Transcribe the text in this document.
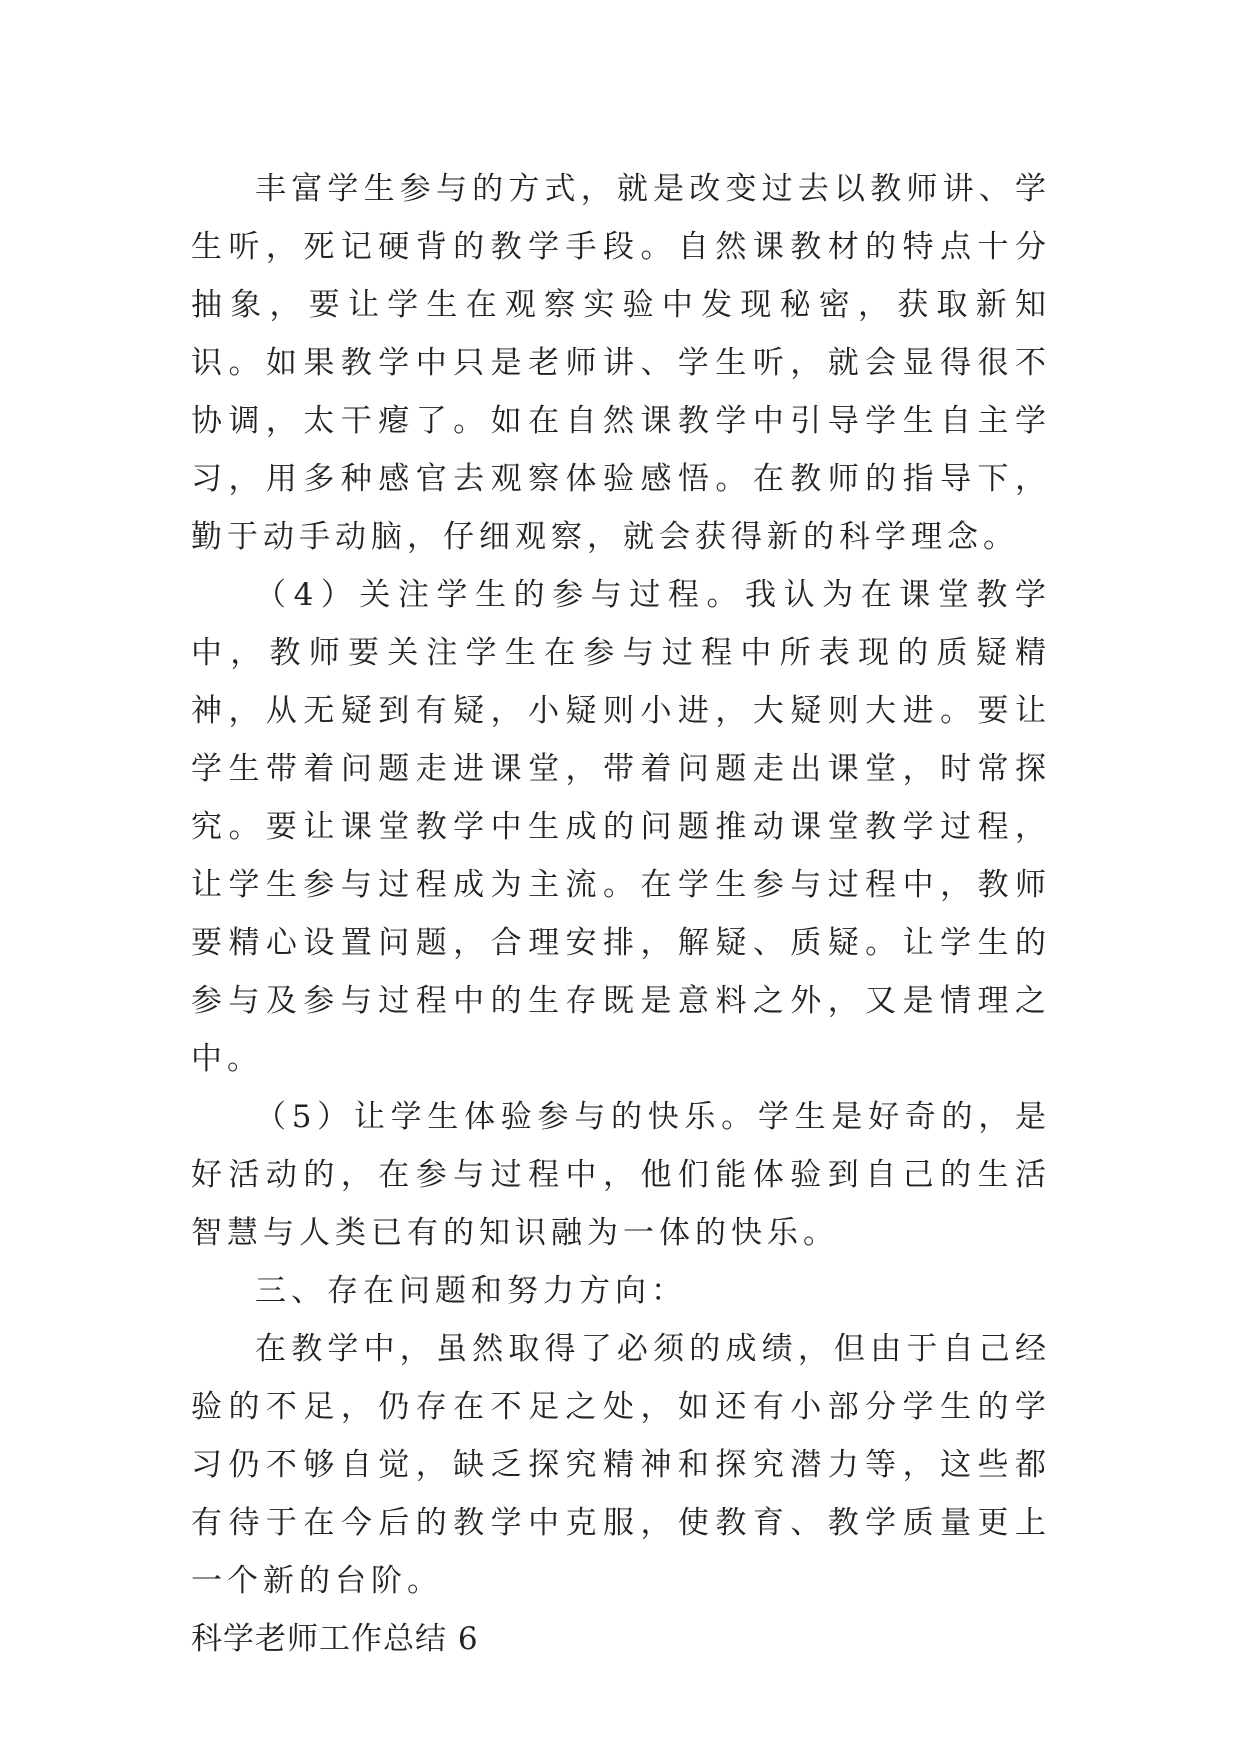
丰富学生参与的方式，就是改变过去以教师讲、学生听，死记硬背的教学手段。自然课教材的特点十分抽象，要让学生在观察实验中发现秘密，获取新知识。如果教学中只是老师讲、学生听，就会显得很不协调，太干瘪了。如在自然课教学中引导学生自主学习，用多种感官去观察体验感悟。在教师的指导下，勤于动手动脑，仔细观察，就会获得新的科学理念。

（4）关注学生的参与过程。我认为在课堂教学中，教师要关注学生在参与过程中所表现的质疑精神，从无疑到有疑，小疑则小进，大疑则大进。要让学生带着问题走进课堂，带着问题走出课堂，时常探究。要让课堂教学中生成的问题推动课堂教学过程，让学生参与过程成为主流。在学生参与过程中，教师要精心设置问题，合理安排，解疑、质疑。让学生的参与及参与过程中的生存既是意料之外，又是情理之中。

（5）让学生体验参与的快乐。学生是好奇的，是好活动的，在参与过程中，他们能体验到自己的生活智慧与人类已有的知识融为一体的快乐。

三、存在问题和努力方向：

在教学中，虽然取得了必须的成绩，但由于自己经验的不足，仍存在不足之处，如还有小部分学生的学习仍不够自觉，缺乏探究精神和探究潜力等，这些都有待于在今后的教学中克服，使教育、教学质量更上一个新的台阶。

科学老师工作总结 6
